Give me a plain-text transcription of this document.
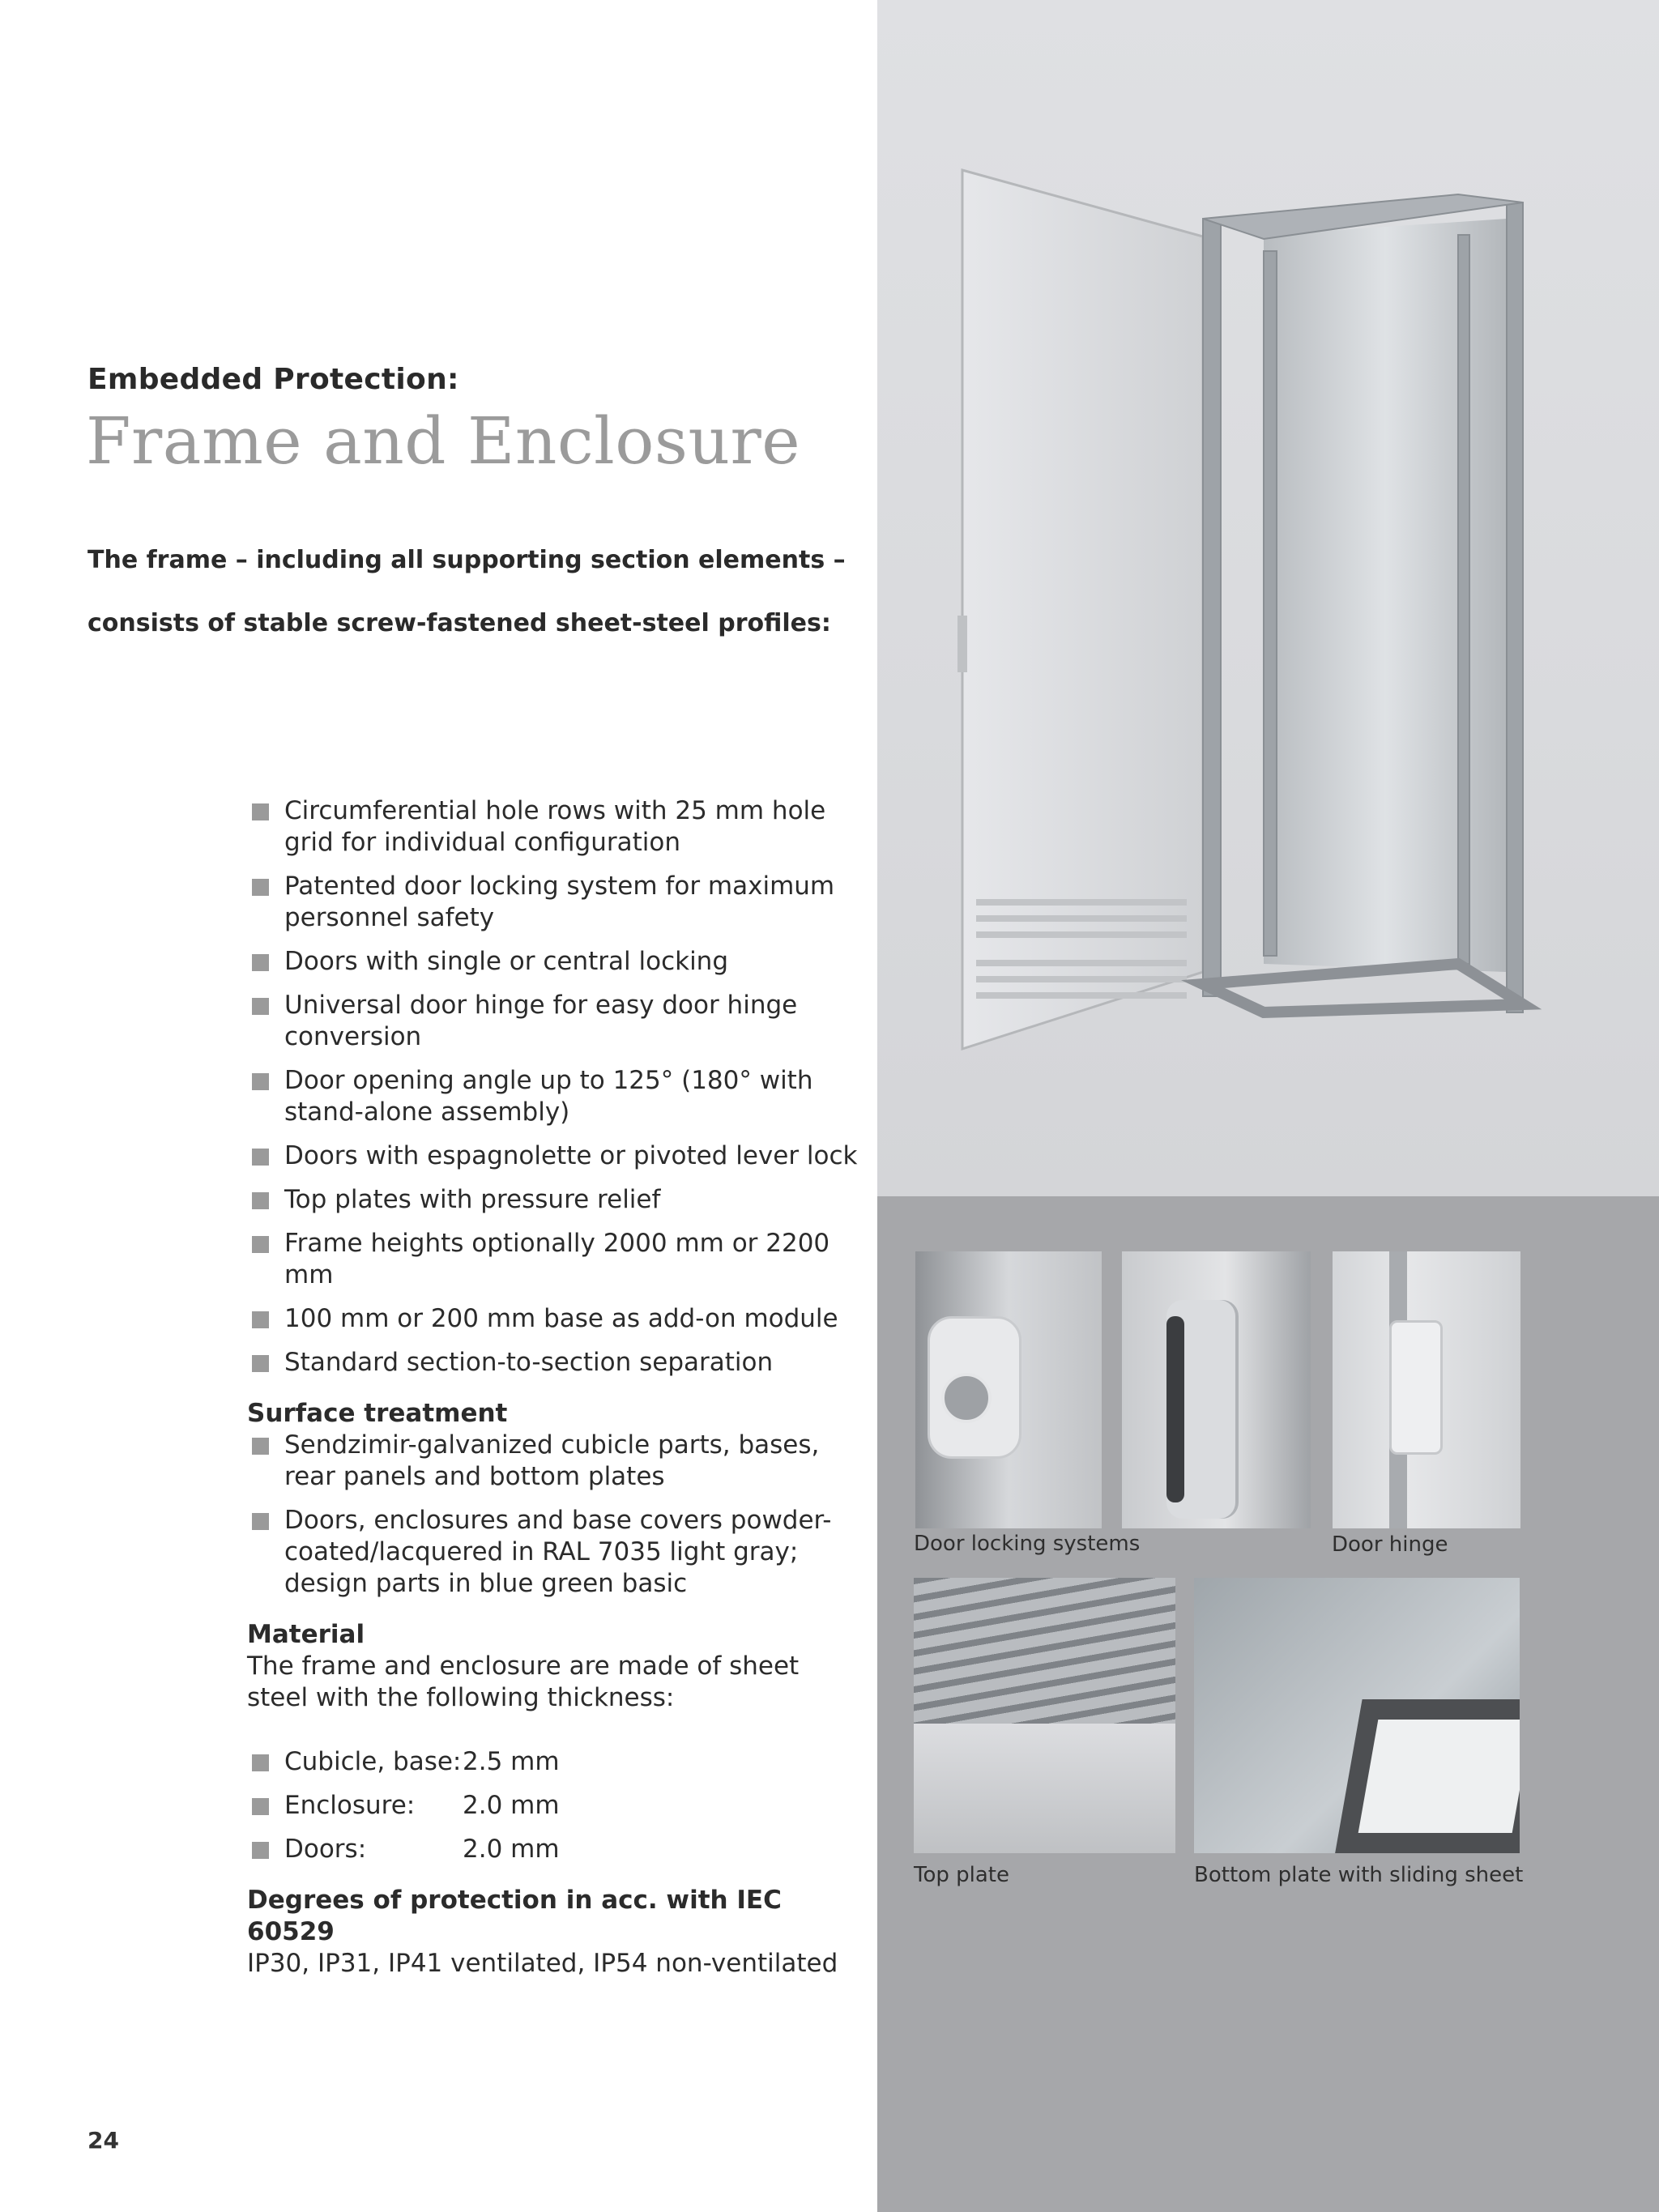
Door locking systems	Door hinge
Top plate	Bottom plate with sliding sheet
Embedded Protection:
Frame and Enclosure
The frame – including all supporting section elements –
consists of stable screw-fastened sheet-steel profiles:
Circumferential hole rows with 25 mm hole grid for individual configuration
Patented door locking system for maximum personnel safety
Doors with single or central locking
Universal door hinge for easy door hinge conversion
Door opening angle up to 125° (180° with stand-alone assembly)
Doors with espagnolette or pivoted lever lock
Top plates with pressure relief
Frame heights optionally 2000 mm or 2200 mm
100 mm or 200 mm base as add-on module
Standard section-to-section separation
Surface treatment
Sendzimir-galvanized cubicle parts, bases, rear panels and bottom plates
Doors, enclosures and base covers powder-coated/lacquered in RAL 7035 light gray; design parts in blue green basic
Material
The frame and enclosure are made of sheet steel with the following thickness:
Cubicle, base: 2.5 mm
Enclosure:	2.0 mm
Doors:	2.0 mm
Degrees of protection in acc. with IEC 60529
IP30, IP31, IP41 ventilated, IP54 non-ventilated
24
